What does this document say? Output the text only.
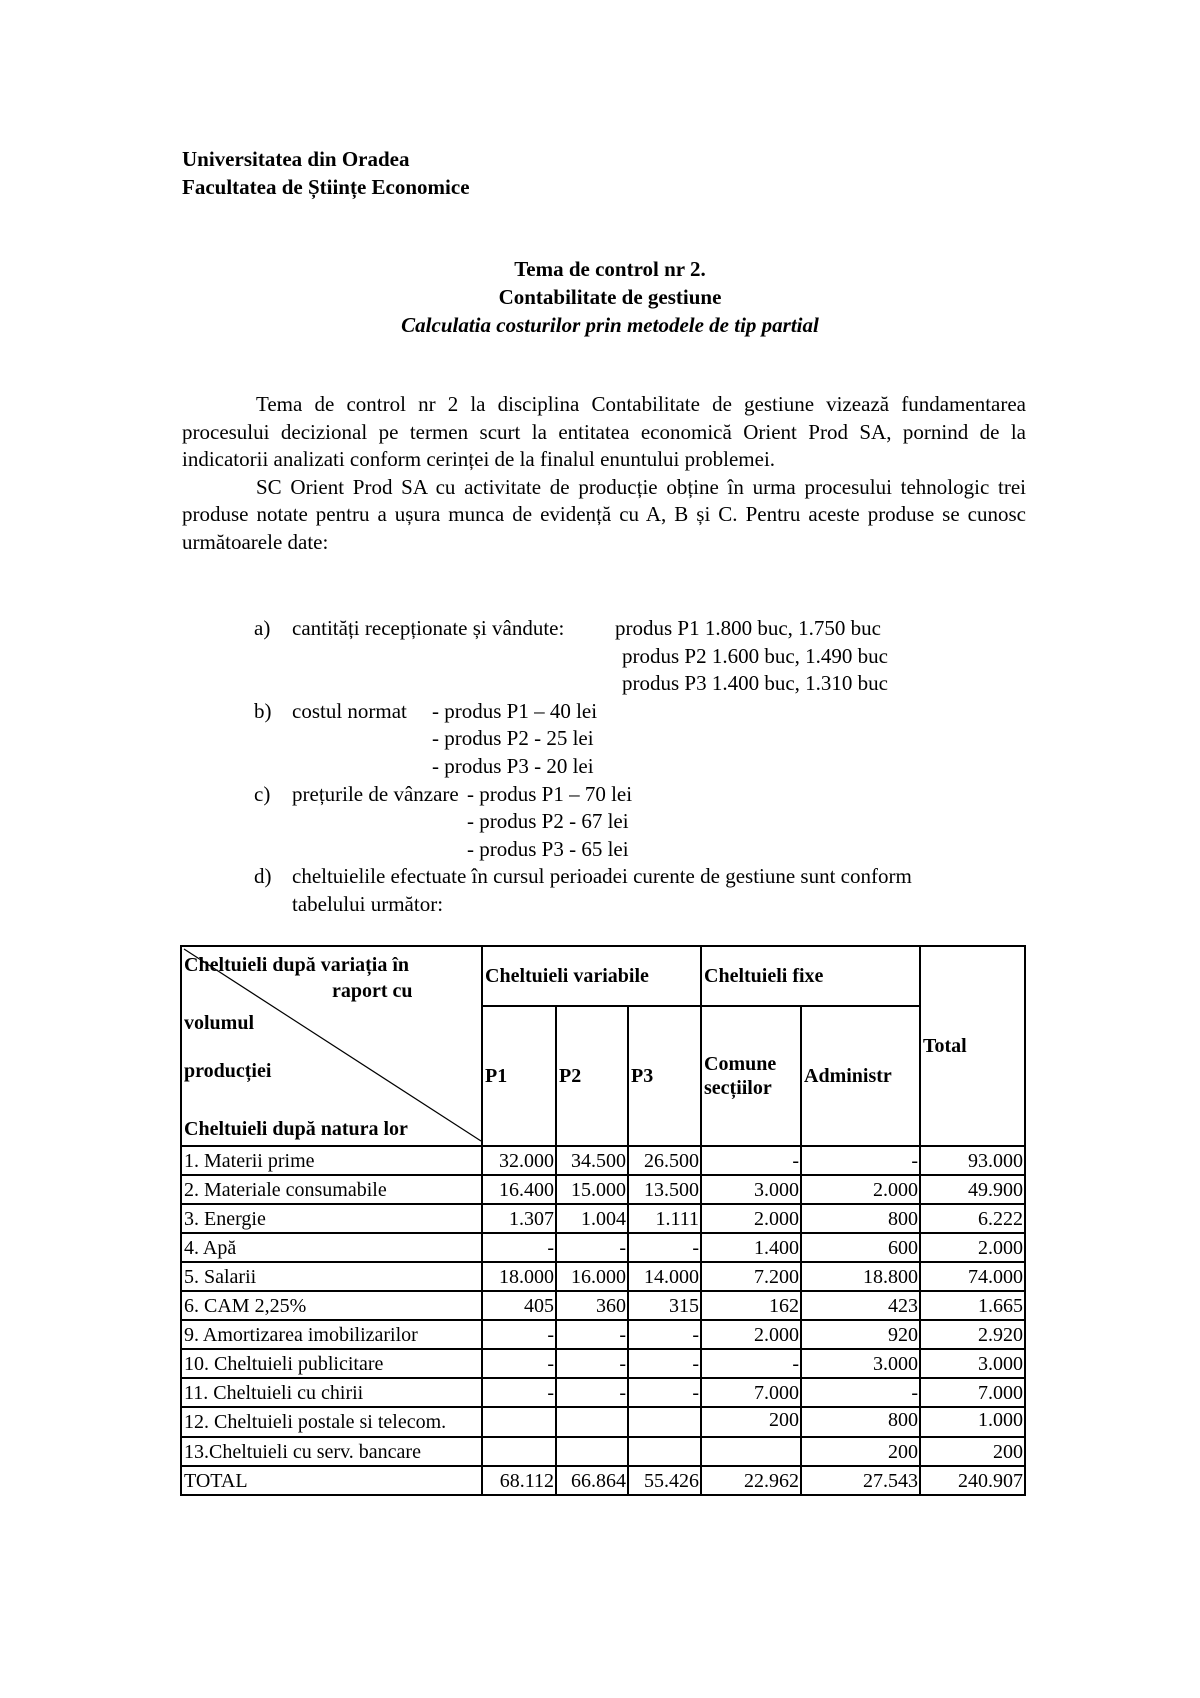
Universitatea din Oradea
Facultatea de Științe Economice
Tema de control nr 2.
Contabilitate de gestiune
Calculatia costurilor prin metodele de tip partial

Tema de control nr 2 la disciplina Contabilitate de gestiune vizează fundamentarea procesului decizional pe termen scurt la entitatea economică Orient Prod SA, pornind de la indicatorii analizati conform cerinței de la finalul enuntului problemei.

SC Orient Prod SA cu activitate de producție obține în urma procesului tehnologic trei produse notate pentru a ușura munca de evidență cu A, B și C. Pentru aceste produse se cunosc următoarele date:

a)	cantități recepționate și vândute: produs P1 1.800 buc, 1.750 buc
produs P2 1.600 buc, 1.490 buc
produs P3 1.400 buc, 1.310 buc
b) costul normat - produs P1 – 40 lei
- produs P2 - 25 lei
- produs P3 - 20 lei
c)	prețurile de vânzare - produs P1 – 70 lei
- produs P2 - 67 lei
- produs P3 - 65 lei
d) cheltuielile efectuate în cursul perioadei curente de gestiune sunt conform
tabelului următor:
Cheltuieli după variația în
raport cu
volumul
producției
Cheltuieli după natura lor	Cheltuieli variabile			Cheltuieli fixe		Total
	P1	P2	P3	Comune secțiilor	Administr	
1. Materii prime	32.000	34.500	26.500	-	-	93.000
2. Materiale consumabile	16.400	15.000	13.500	3.000	2.000	49.900
3. Energie	1.307	1.004	1.111	2.000	800	6.222
4. Apă	-	-	-	1.400	600	2.000
5. Salarii	18.000	16.000	14.000	7.200	18.800	74.000
6. CAM 2,25%	405	360	315	162	423	1.665
9. Amortizarea imobilizarilor	-	-	-	2.000	920	2.920
10. Cheltuieli publicitare	-	-	-	-	3.000	3.000
11. Cheltuieli cu chirii	-	-	-	7.000	-	7.000
12. Cheltuieli postale si telecom.				200	800	1.000
13.Cheltuieli cu serv. bancare					200	200
TOTAL	68.112	66.864	55.426	22.962	27.543	240.907
